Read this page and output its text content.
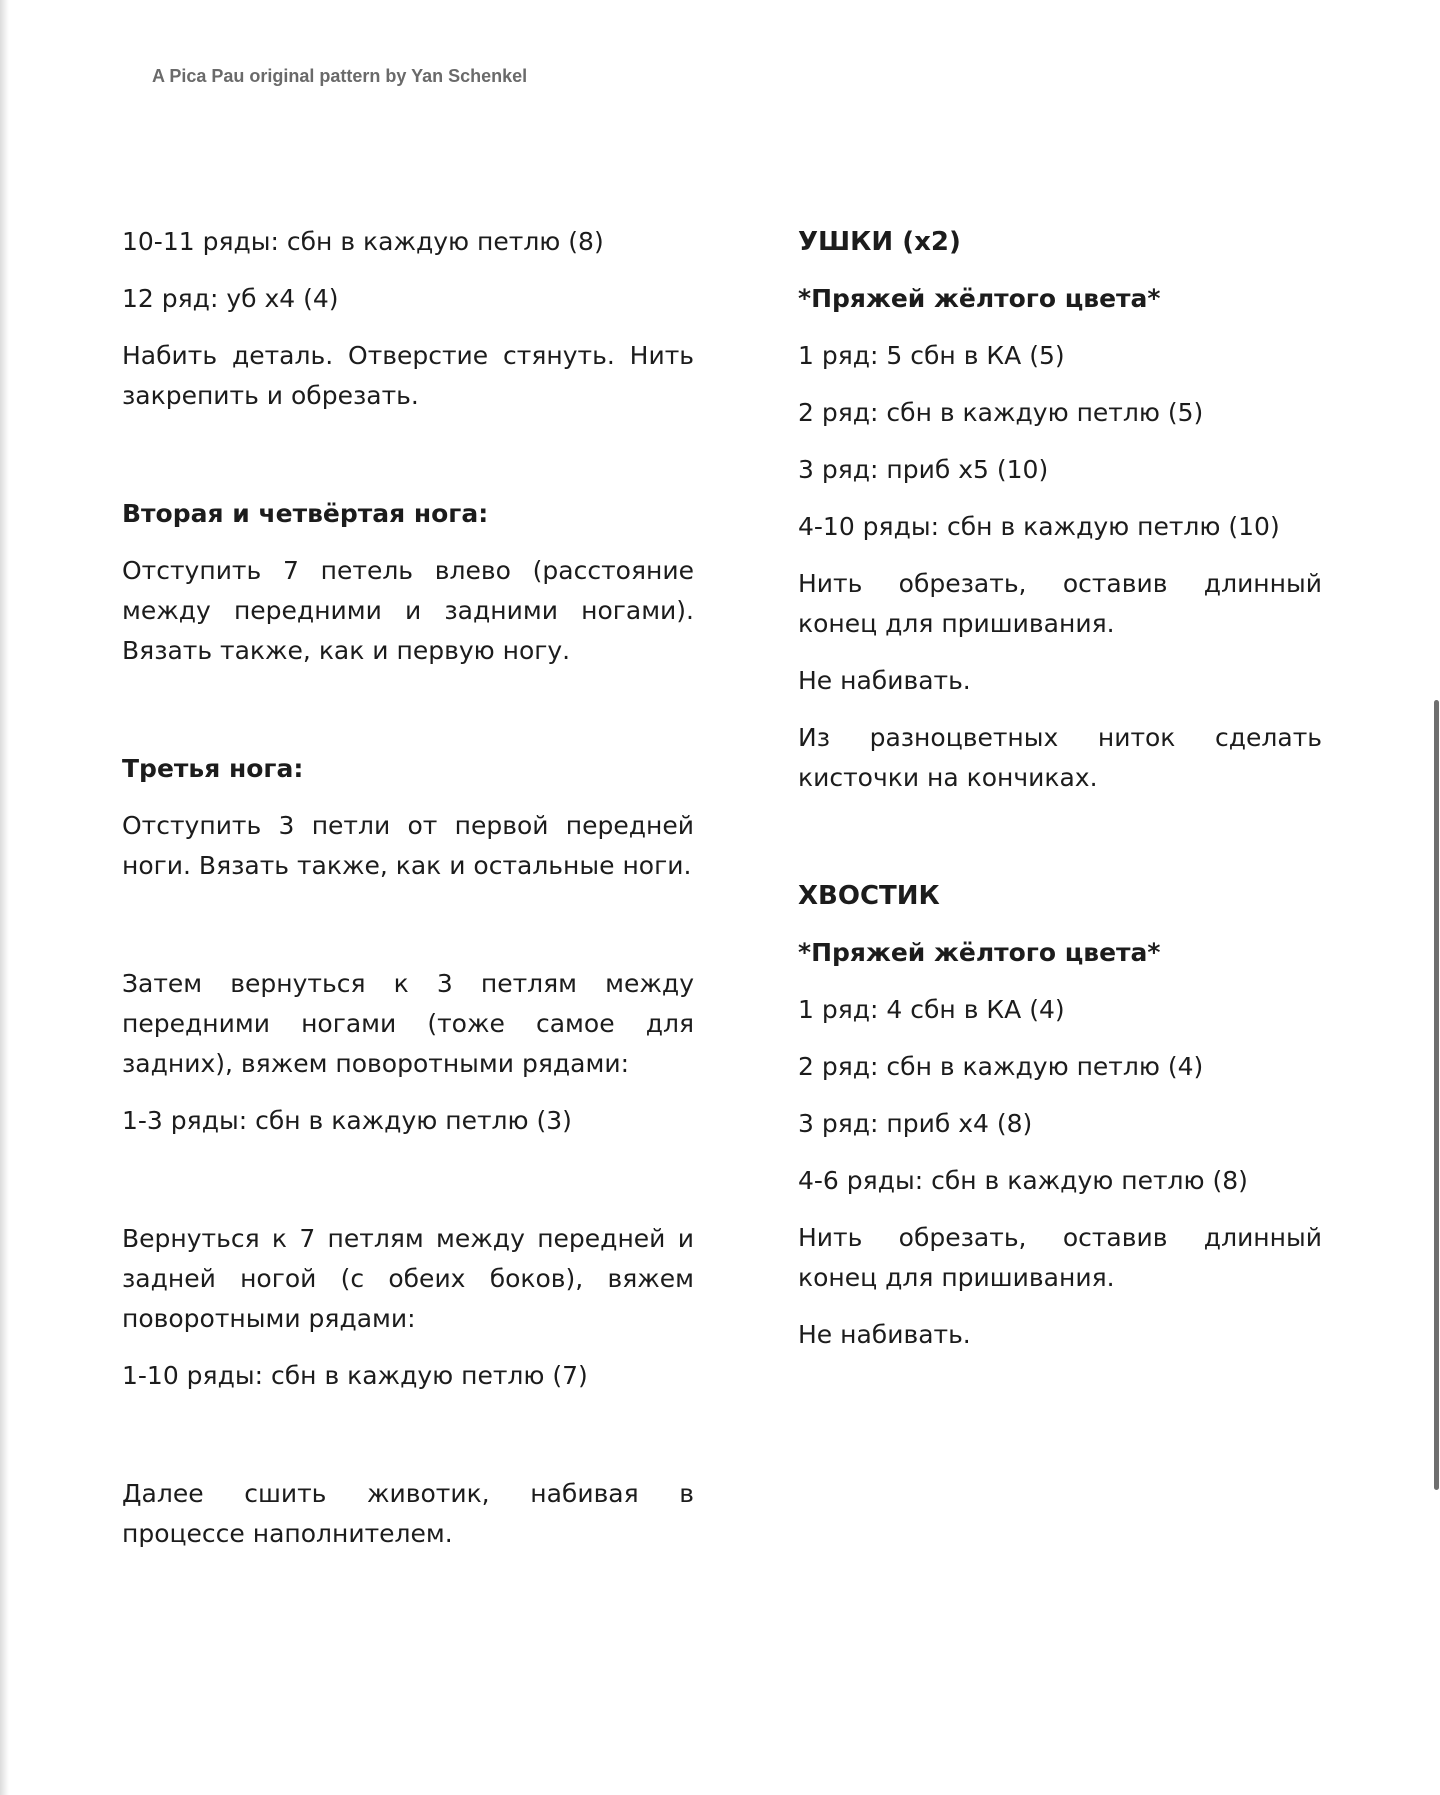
A Pica Pau original pattern by Yan Schenkel

10-11 ряды: сбн в каждую петлю (8)

12 ряд: уб х4 (4)

Набить деталь. Отверстие стянуть. Нить закрепить и обрезать.

Вторая и четвёртая нога:

Отступить 7 петель влево (расстояние между передними и задними ногами). Вязать также, как и первую ногу.

Третья нога:

Отступить 3 петли от первой передней ноги. Вязать также, как и остальные ноги.

Затем вернуться к 3 петлям между передними ногами (тоже самое для задних), вяжем поворотными рядами:

1-3 ряды: сбн в каждую петлю (3)

Вернуться к 7 петлям между передней и задней ногой (с обеих боков), вяжем поворотными рядами:

1-10 ряды: сбн в каждую петлю (7)

Далее сшить животик, набивая в процессе наполнителем.

УШКИ (х2)

*Пряжей жёлтого цвета*

1 ряд: 5 сбн в КА (5)

2 ряд: сбн в каждую петлю (5)

3 ряд: приб х5 (10)

4-10 ряды: сбн в каждую петлю (10)

Нить обрезать, оставив длинный конец для пришивания.

Не набивать.

Из разноцветных ниток сделать кисточки на кончиках.

ХВОСТИК

*Пряжей жёлтого цвета*

1 ряд: 4 сбн в КА (4)

2 ряд: сбн в каждую петлю (4)

3 ряд: приб х4 (8)

4-6 ряды: сбн в каждую петлю (8)

Нить обрезать, оставив длинный конец для пришивания.

Не набивать.
